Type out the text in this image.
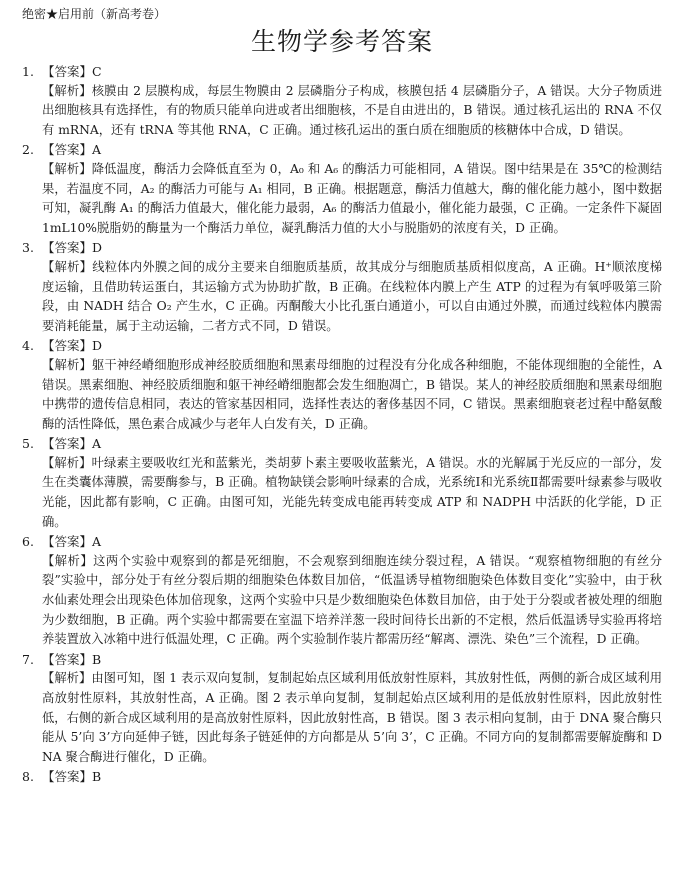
绝密★启用前（新高考卷）
生物学参考答案
1. 【答案】C
【解析】核膜由 2 层膜构成，每层生物膜由 2 层磷脂分子构成，核膜包括 4 层磷脂分子，A 错误。大分子物质进出细胞核具有选择性，有的物质只能单向进或者出细胞核，不是自由进出的，B 错误。通过核孔运出的 RNA 不仅有 mRNA，还有 tRNA 等其他 RNA，C 正确。通过核孔运出的蛋白质在细胞质的核糖体中合成，D 错误。
2. 【答案】A
【解析】降低温度，酶活力会降低直至为 0，A₀ 和 A₆ 的酶活力可能相同，A 错误。图中结果是在 35℃的检测结果，若温度不同，A₂ 的酶活力可能与 A₁ 相同，B 正确。根据题意，酶活力值越大，酶的催化能力越小，图中数据可知，凝乳酶 A₁ 的酶活力值最大，催化能力最弱，A₆ 的酶活力值最小，催化能力最强，C 正确。一定条件下凝固 1mL10%脱脂奶的酶量为一个酶活力单位，凝乳酶活力值的大小与脱脂奶的浓度有关，D 正确。
3. 【答案】D
【解析】线粒体内外膜之间的成分主要来自细胞质基质，故其成分与细胞质基质相似度高，A 正确。H⁺顺浓度梯度运输，且借助转运蛋白，其运输方式为协助扩散，B 正确。在线粒体内膜上产生 ATP 的过程为有氧呼吸第三阶段，由 NADH 结合 O₂ 产生水，C 正确。丙酮酸大小比孔蛋白通道小，可以自由通过外膜，而通过线粒体内膜需要消耗能量，属于主动运输，二者方式不同，D 错误。
4. 【答案】D
【解析】躯干神经嵴细胞形成神经胶质细胞和黑素母细胞的过程没有分化成各种细胞，不能体现细胞的全能性，A 错误。黑素细胞、神经胶质细胞和躯干神经嵴细胞都会发生细胞凋亡，B 错误。某人的神经胶质细胞和黑素母细胞中携带的遗传信息相同，表达的管家基因相同，选择性表达的奢侈基因不同，C 错误。黑素细胞衰老过程中酪氨酸酶的活性降低，黑色素合成减少与老年人白发有关，D 正确。
5. 【答案】A
【解析】叶绿素主要吸收红光和蓝紫光，类胡萝卜素主要吸收蓝紫光，A 错误。水的光解属于光反应的一部分，发生在类囊体薄膜，需要酶参与，B 正确。植物缺镁会影响叶绿素的合成，光系统Ⅰ和光系统Ⅱ都需要叶绿素参与吸收光能，因此都有影响，C 正确。由图可知，光能先转变成电能再转变成 ATP 和 NADPH 中活跃的化学能，D 正确。
6. 【答案】A
【解析】这两个实验中观察到的都是死细胞，不会观察到细胞连续分裂过程，A 错误。“观察植物细胞的有丝分裂”实验中，部分处于有丝分裂后期的细胞染色体数目加倍，“低温诱导植物细胞染色体数目变化”实验中，由于秋水仙素处理会出现染色体加倍现象，这两个实验中只是少数细胞染色体数目加倍，由于处于分裂或者被处理的细胞为少数细胞，B 正确。两个实验中都需要在室温下培养洋葱一段时间待长出新的不定根，然后低温诱导实验再将培养装置放入冰箱中进行低温处理，C 正确。两个实验制作装片都需历经“解离、漂洗、染色”三个流程，D 正确。
7. 【答案】B
【解析】由图可知，图 1 表示双向复制，复制起始点区域利用低放射性原料，其放射性低，两侧的新合成区域利用高放射性原料，其放射性高，A 正确。图 2 表示单向复制，复制起始点区域利用的是低放射性原料，因此放射性低，右侧的新合成区域利用的是高放射性原料，因此放射性高，B 错误。图 3 表示相向复制，由于 DNA 聚合酶只能从 5’向 3’方向延伸子链，因此每条子链延伸的方向都是从 5’向 3’，C 正确。不同方向的复制都需要解旋酶和 DNA 聚合酶进行催化，D 正确。
8. 【答案】B
